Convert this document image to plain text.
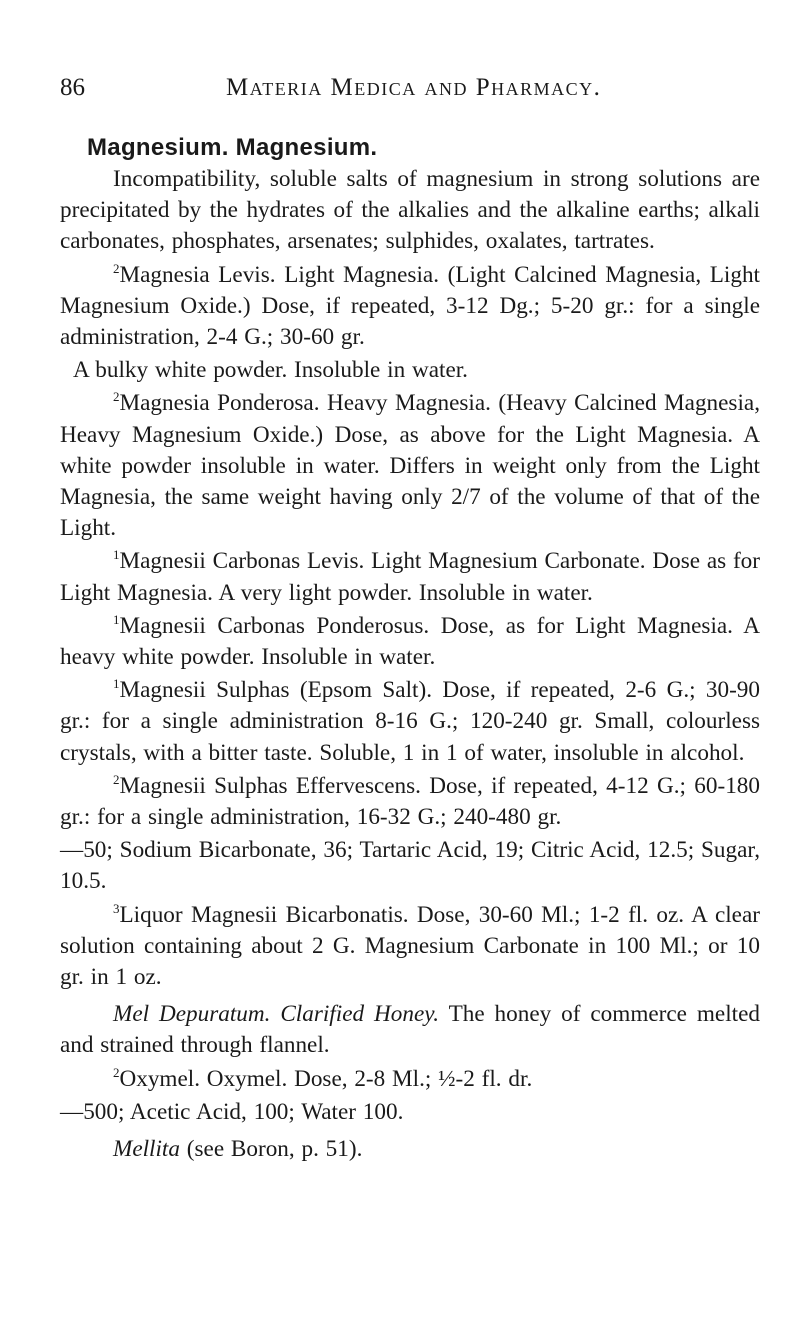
86	Materia Medica and Pharmacy.
Magnesium. Magnesium.

Incompatibility, soluble salts of magnesium in strong solutions are precipitated by the hydrates of the alkalies and the alkaline earths; alkali carbonates, phosphates, arsenates; sulphides, oxalates, tartrates.

$^2$Magnesia Levis. Light Magnesia. (Light Calcined Magnesia, Light Magnesium Oxide.) Dose, if repeated, 3-12 Dg.; 5-20 gr.: for a single administration, 2-4 G.; 30-60 gr.

A bulky white powder. Insoluble in water.

$^2$Magnesia Ponderosa. Heavy Magnesia. (Heavy Calcined Magnesia, Heavy Magnesium Oxide.) Dose, as above for the Light Magnesia. A white powder insoluble in water. Differs in weight only from the Light Magnesia, the same weight having only 2/7 of the volume of that of the Light.

$^1$Magnesii Carbonas Levis. Light Magnesium Carbonate. Dose as for Light Magnesia. A very light powder. Insoluble in water.

$^1$Magnesii Carbonas Ponderosus. Dose, as for Light Magnesia. A heavy white powder. Insoluble in water.

$^1$Magnesii Sulphas (Epsom Salt). Dose, if repeated, 2-6 G.; 30-90 gr.: for a single administration 8-16 G.; 120-240 gr. Small, colourless crystals, with a bitter taste. Soluble, 1 in 1 of water, insoluble in alcohol.

$^2$Magnesii Sulphas Effervescens. Dose, if repeated, 4-12 G.; 60-180 gr.: for a single administration, 16-32 G.; 240-480 gr.

—50; Sodium Bicarbonate, 36; Tartaric Acid, 19; Citric Acid, 12.5; Sugar, 10.5.

$^3$Liquor Magnesii Bicarbonatis. Dose, 30-60 Ml.; 1-2 fl. oz. A clear solution containing about 2 G. Magnesium Carbonate in 100 Ml.; or 10 gr. in 1 oz.

Mel Depuratum. Clarified Honey. The honey of commerce melted and strained through flannel.

$^2$Oxymel. Oxymel. Dose, 2-8 Ml.; ½-2 fl. dr.

—500; Acetic Acid, 100; Water 100.

Mellita (see Boron, p. 51).
